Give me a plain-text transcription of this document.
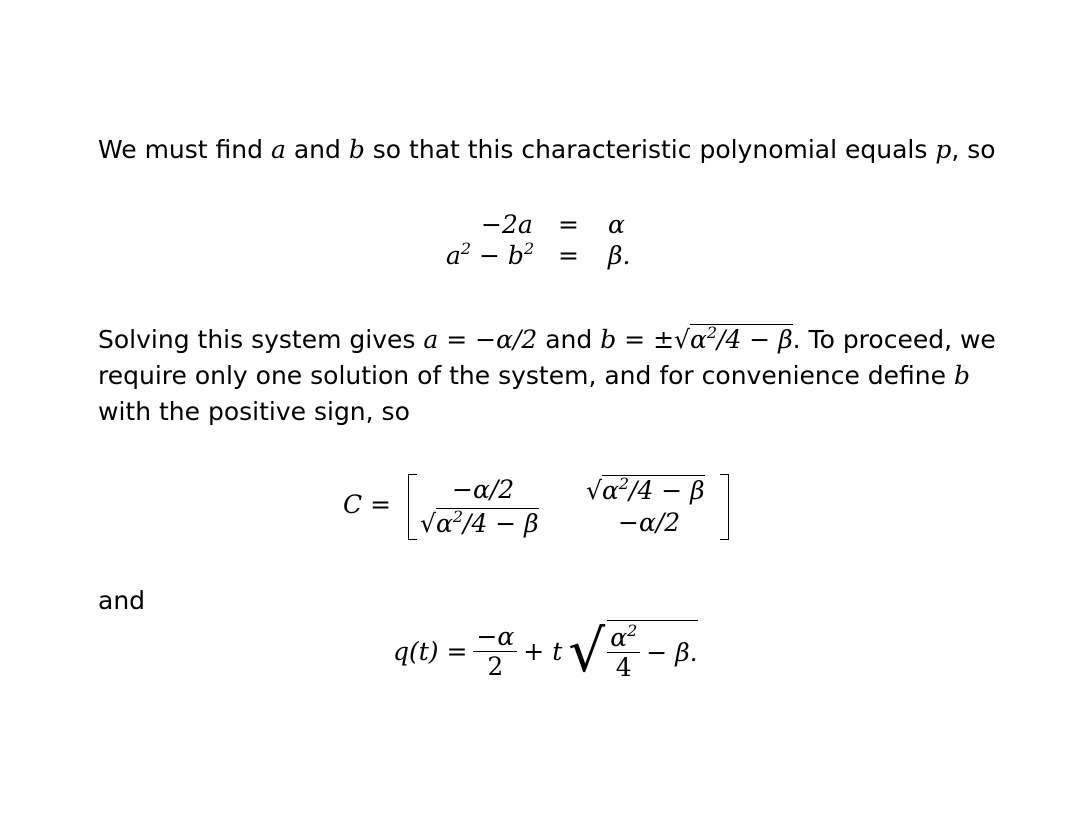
We must find a and b so that this characteristic polynomial equals p, so

−2a = α
$a^2 - b^2 = \beta$.

Solving this system gives a = −α/2 and $b = \pm√\alpha^2/4 - \beta$. To proceed, we require only one solution of the system, and for convenience define b with the positive sign, so

C =
−α/2	$√\alpha^2/4 - \beta$
$√\alpha^2/4 - \beta$	−α/2

and

$q(t) = \frac{-\alpha}{2} + t$ √ $\frac{\alpha^2}{4} - \beta$.
